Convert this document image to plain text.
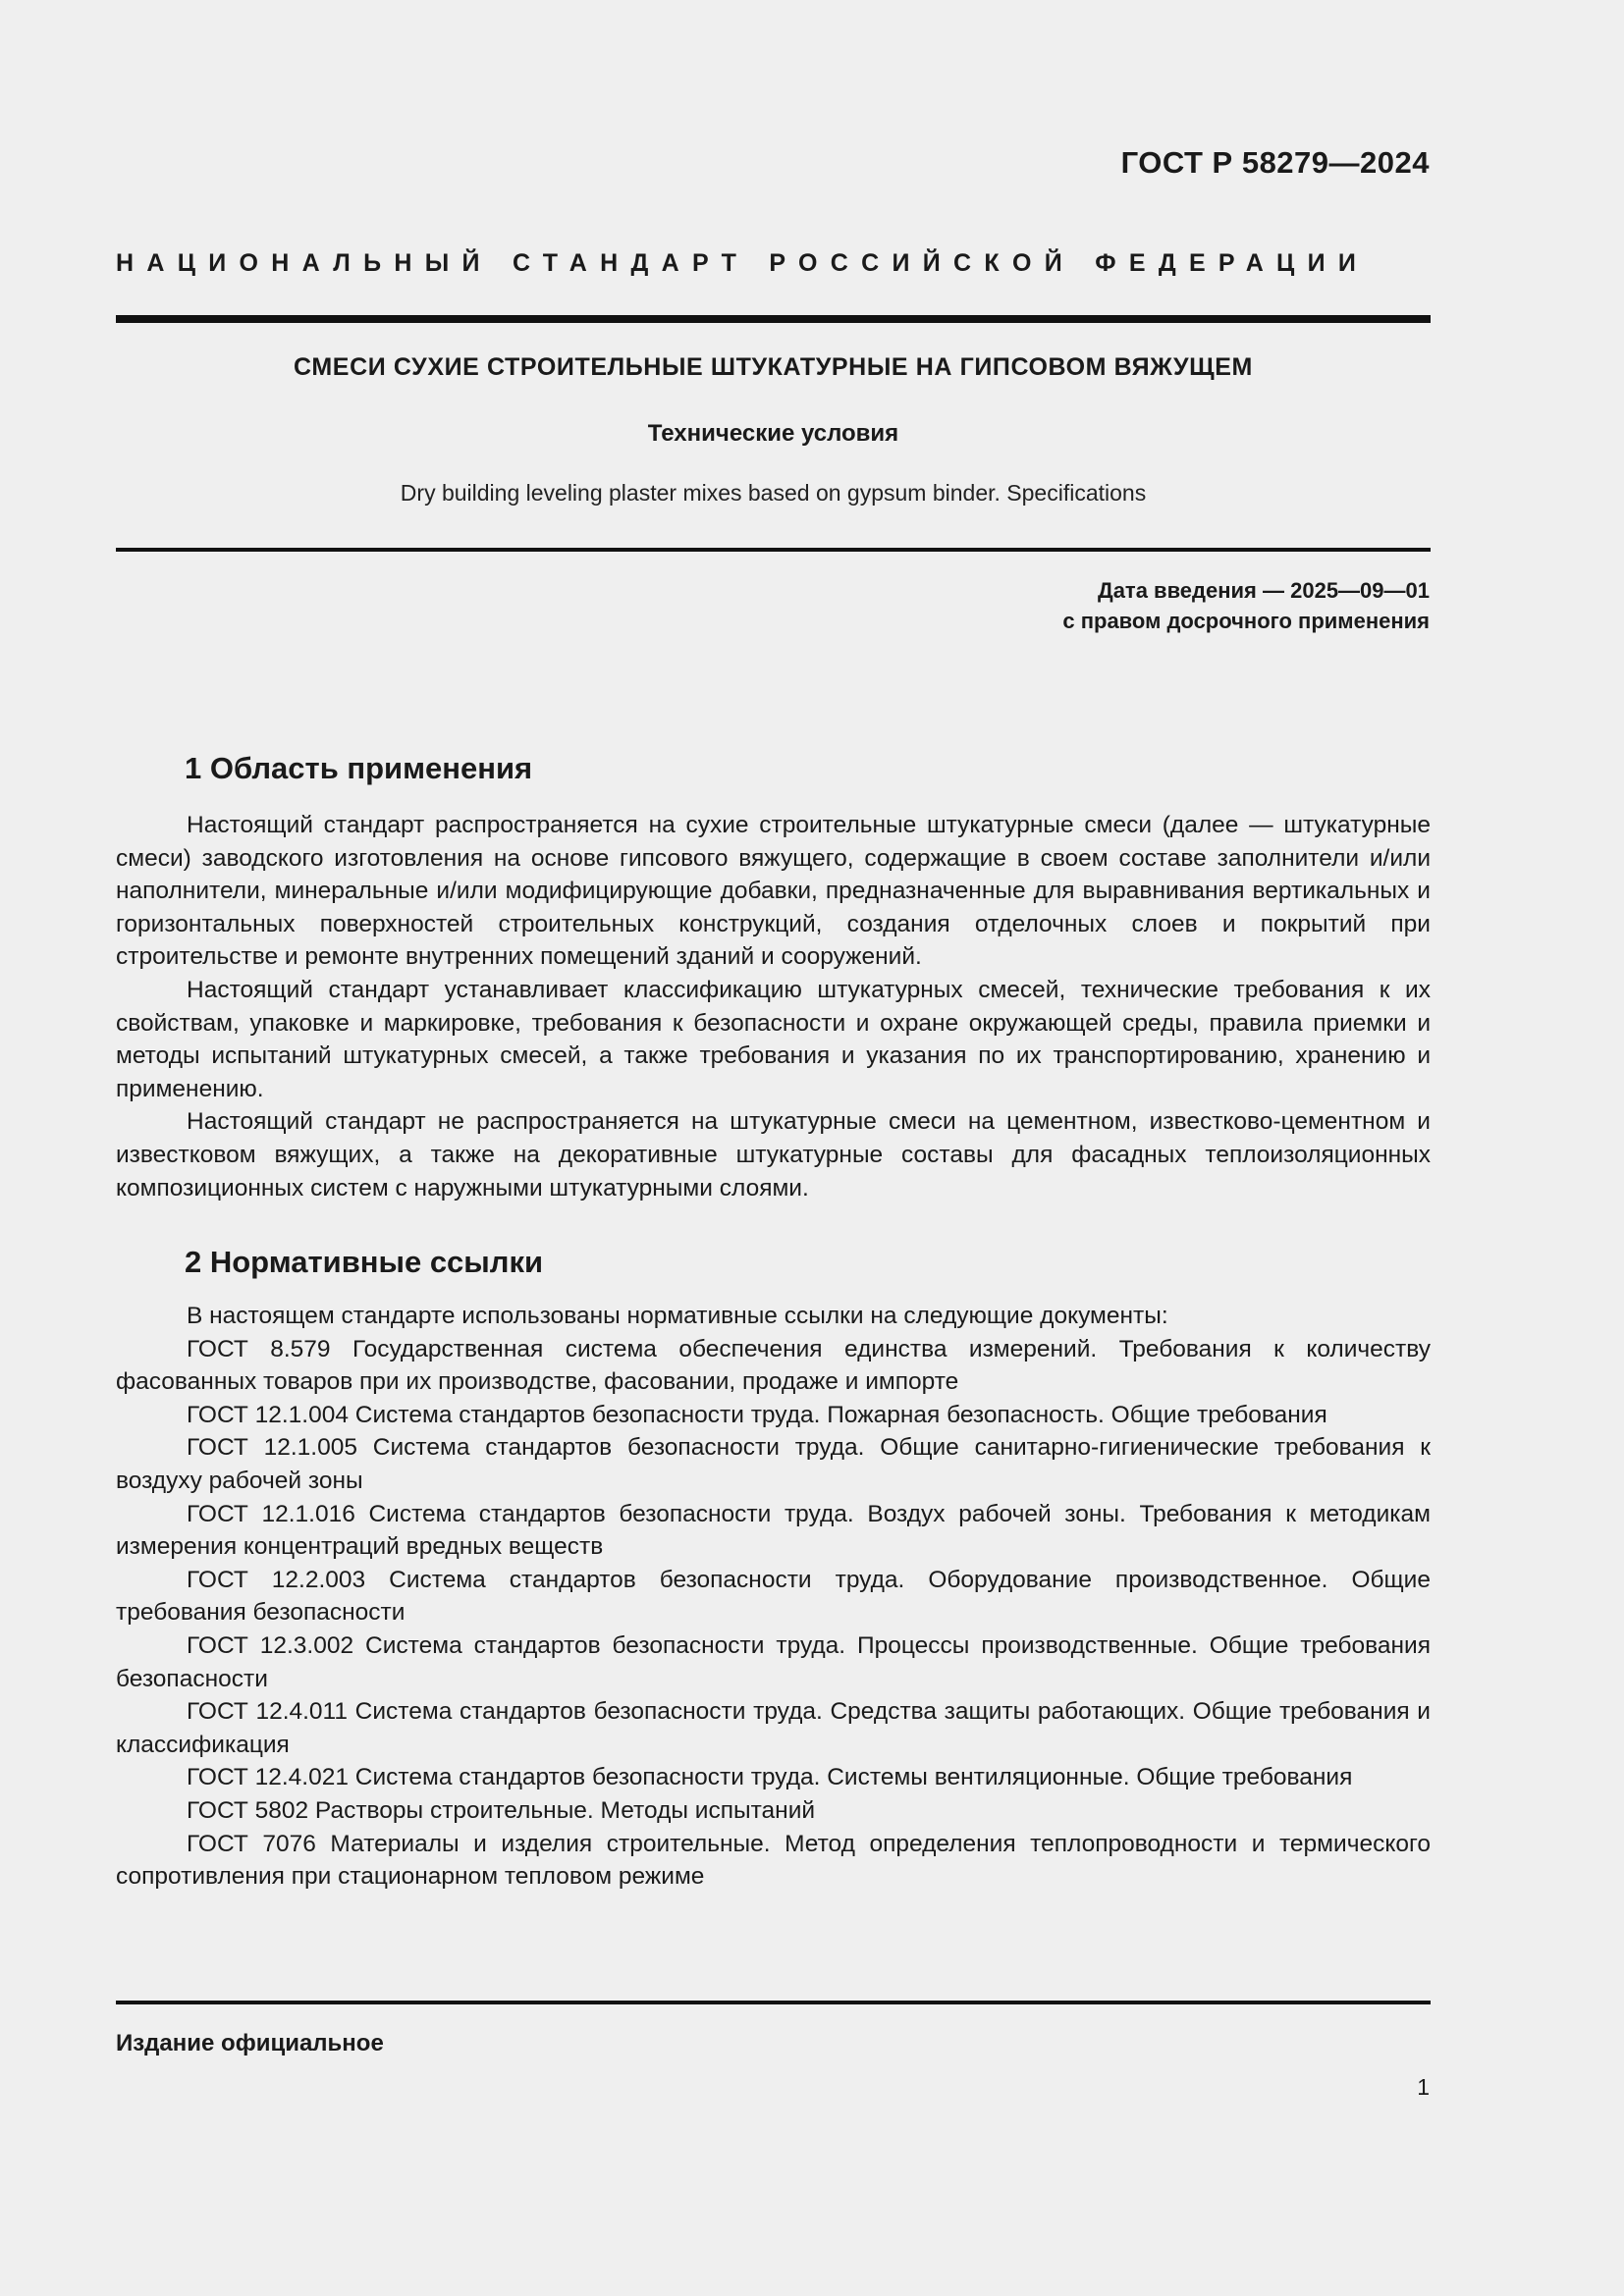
ГОСТ Р 58279—2024
НАЦИОНАЛЬНЫЙ СТАНДАРТ РОССИЙСКОЙ ФЕДЕРАЦИИ
СМЕСИ СУХИЕ СТРОИТЕЛЬНЫЕ ШТУКАТУРНЫЕ НА ГИПСОВОМ ВЯЖУЩЕМ
Технические условия
Dry building leveling plaster mixes based on gypsum binder. Specifications
Дата введения — 2025—09—01
с правом досрочного применения
1 Область применения

Настоящий стандарт распространяется на сухие строительные штукатурные смеси (далее — штукатурные смеси) заводского изготовления на основе гипсового вяжущего, содержащие в своем составе заполнители и/или наполнители, минеральные и/или модифицирующие добавки, предназначенные для выравнивания вертикальных и горизонтальных поверхностей строительных конструкций, создания отделочных слоев и покрытий при строительстве и ремонте внутренних помещений зданий и сооружений.

Настоящий стандарт устанавливает классификацию штукатурных смесей, технические требования к их свойствам, упаковке и маркировке, требования к безопасности и охране окружающей среды, правила приемки и методы испытаний штукатурных смесей, а также требования и указания по их транспортированию, хранению и применению.

Настоящий стандарт не распространяется на штукатурные смеси на цементном, известково-цементном и известковом вяжущих, а также на декоративные штукатурные составы для фасадных теплоизоляционных композиционных систем с наружными штукатурными слоями.

2 Нормативные ссылки

В настоящем стандарте использованы нормативные ссылки на следующие документы:

ГОСТ 8.579 Государственная система обеспечения единства измерений. Требования к количеству фасованных товаров при их производстве, фасовании, продаже и импорте

ГОСТ 12.1.004 Система стандартов безопасности труда. Пожарная безопасность. Общие требования

ГОСТ 12.1.005 Система стандартов безопасности труда. Общие санитарно-гигиенические требования к воздуху рабочей зоны

ГОСТ 12.1.016 Система стандартов безопасности труда. Воздух рабочей зоны. Требования к методикам измерения концентраций вредных веществ

ГОСТ 12.2.003 Система стандартов безопасности труда. Оборудование производственное. Общие требования безопасности

ГОСТ 12.3.002 Система стандартов безопасности труда. Процессы производственные. Общие требования безопасности

ГОСТ 12.4.011 Система стандартов безопасности труда. Средства защиты работающих. Общие требования и классификация

ГОСТ 12.4.021 Система стандартов безопасности труда. Системы вентиляционные. Общие требования

ГОСТ 5802 Растворы строительные. Методы испытаний

ГОСТ 7076 Материалы и изделия строительные. Метод определения теплопроводности и термического сопротивления при стационарном тепловом режиме

Издание официальное
1
